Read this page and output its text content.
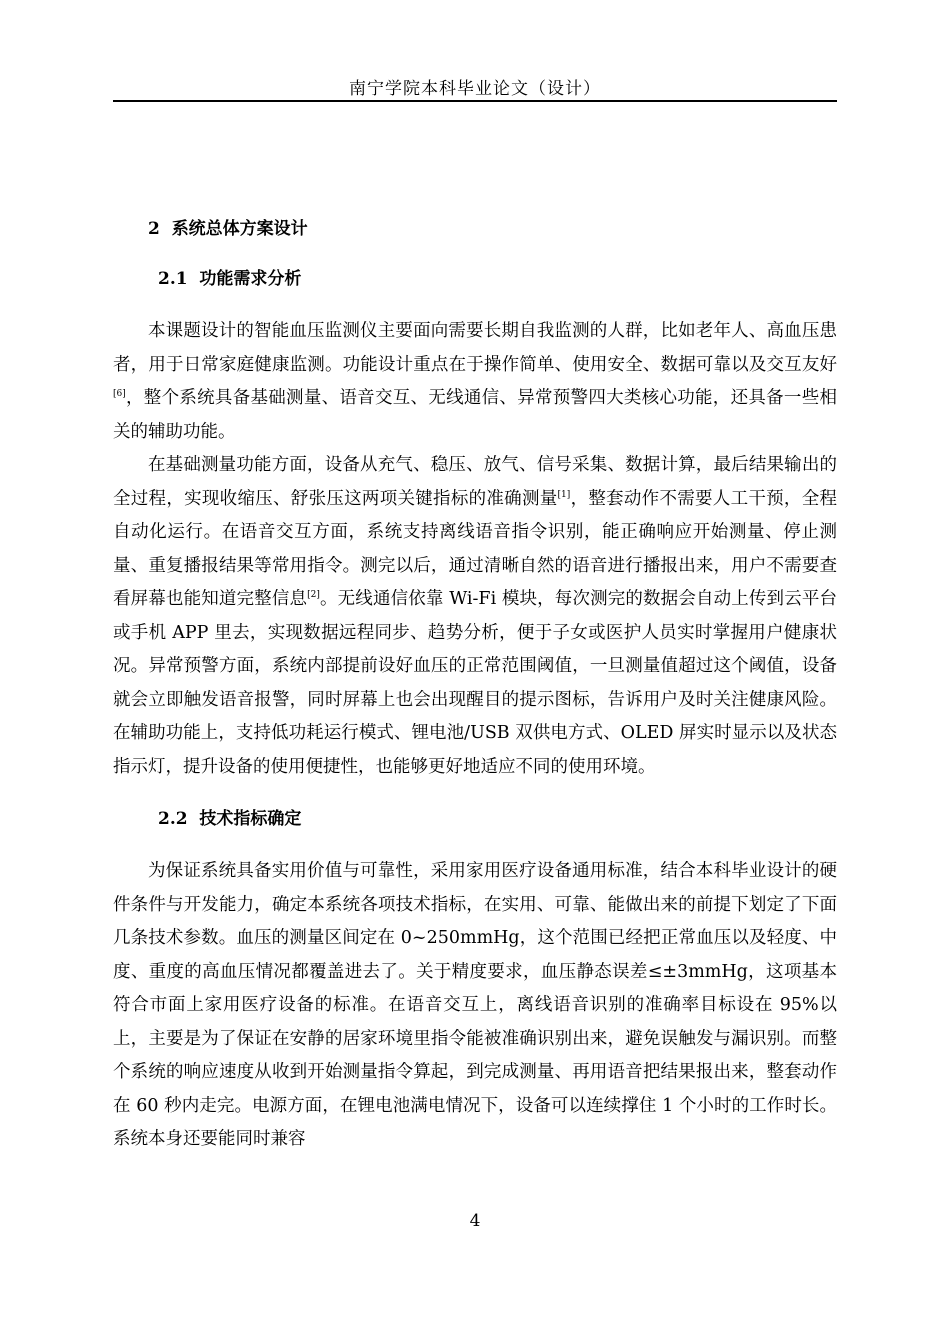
南宁学院本科毕业论文（设计）
2 系统总体方案设计
2.1 功能需求分析

本课题设计的智能血压监测仪主要面向需要长期自我监测的人群，比如老年人、高血压患者，用于日常家庭健康监测。功能设计重点在于操作简单、使用安全、数据可靠以及交互友好[6]，整个系统具备基础测量、语音交互、无线通信、异常预警四大类核心功能，还具备一些相关的辅助功能。

在基础测量功能方面，设备从充气、稳压、放气、信号采集、数据计算，最后结果输出的全过程，实现收缩压、舒张压这两项关键指标的准确测量[1]，整套动作不需要人工干预，全程自动化运行。在语音交互方面，系统支持离线语音指令识别，能正确响应开始测量、停止测量、重复播报结果等常用指令。测完以后，通过清晰自然的语音进行播报出来，用户不需要查看屏幕也能知道完整信息[2]。无线通信依靠 Wi-Fi 模块，每次测完的数据会自动上传到云平台或手机 APP 里去，实现数据远程同步、趋势分析，便于子女或医护人员实时掌握用户健康状况。异常预警方面，系统内部提前设好血压的正常范围阈值，一旦测量值超过这个阈值，设备就会立即触发语音报警，同时屏幕上也会出现醒目的提示图标，告诉用户及时关注健康风险。在辅助功能上，支持低功耗运行模式、锂电池/USB 双供电方式、OLED 屏实时显示以及状态指示灯，提升设备的使用便捷性，也能够更好地适应不同的使用环境。

2.2 技术指标确定

为保证系统具备实用价值与可靠性，采用家用医疗设备通用标准，结合本科毕业设计的硬件条件与开发能力，确定本系统各项技术指标，在实用、可靠、能做出来的前提下划定了下面几条技术参数。血压的测量区间定在 0~250mmHg，这个范围已经把正常血压以及轻度、中度、重度的高血压情况都覆盖进去了。关于精度要求，血压静态误差≤±3mmHg，这项基本符合市面上家用医疗设备的标准。在语音交互上，离线语音识别的准确率目标设在 95%以上，主要是为了保证在安静的居家环境里指令能被准确识别出来，避免误触发与漏识别。而整个系统的响应速度从收到开始测量指令算起，到完成测量、再用语音把结果报出来，整套动作在 60 秒内走完。电源方面，在锂电池满电情况下，设备可以连续撑住 1 个小时的工作时长。系统本身还要能同时兼容

4
